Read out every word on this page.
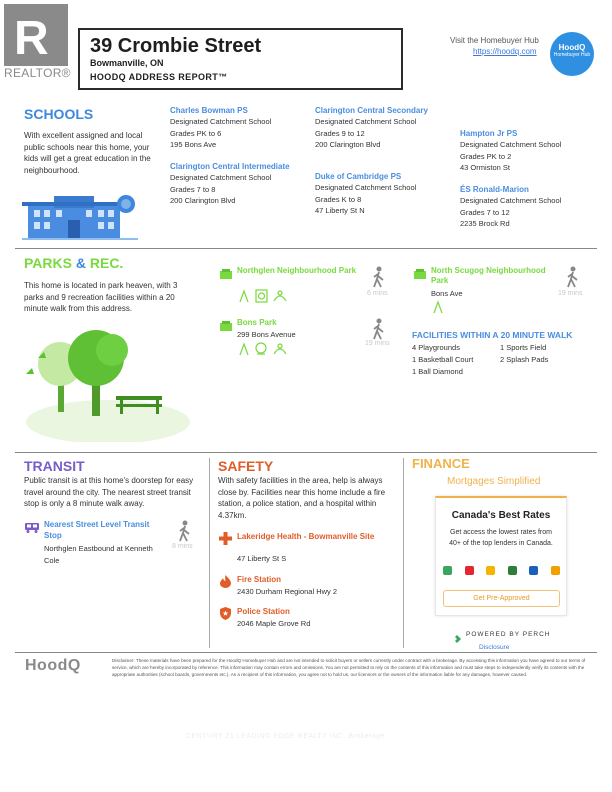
R
REALTOR®
39 Crombie Street
Bowmanville, ON
HOODQ ADDRESS REPORT™
Visit the Homebuyer Hub
https://hoodq.com	HoodQ
Homebuyer Hub
SCHOOLS
With excellent assigned and local public schools near this home, your kids will get a great education in the neighbourhood.
Charles Bowman PS
Designated Catchment School
Grades PK to 6
195 Bons Ave
Clarington Central Intermediate
Designated Catchment School
Grades 7 to 8
200 Clarington Blvd
Clarington Central Secondary
Designated Catchment School
Grades 9 to 12
200 Clarington Blvd
Duke of Cambridge PS
Designated Catchment School
Grades K to 8
47 Liberty St N
Hampton Jr PS
Designated Catchment School
Grades PK to 2
43 Ormiston St
ÉS Ronald-Marion
Designated Catchment School
Grades 7 to 12
2235 Brock Rd
PARKS & REC.
This home is located in park heaven, with 3 parks and 9 recreation facilities within a 20 minute walk from this address.
Northglen Neighbourhood Park
6 mins
Bons Park
299 Bons Avenue
19 mins
North Scugog Neighbourhood Park
Bons Ave	19 mins
FACILITIES WITHIN A 20 MINUTE WALK
4 Playgrounds	1 Sports Field
1 Basketball Court	2 Splash Pads
1 Ball Diamond
TRANSIT
Public transit is at this home's doorstep for easy travel around the city. The nearest street transit stop is only a 8 minute walk away.
Nearest Street Level Transit Stop
Northglen Eastbound at Kenneth Cole
8 mins
SAFETY
With safety facilities in the area, help is always close by. Facilities near this home include a fire station, a police station, and a hospital within 4.37km.
Lakeridge Health - Bowmanville Site
47 Liberty St S
Fire Station
2430 Durham Regional Hwy 2
Police Station
2046 Maple Grove Rd
FINANCE
Mortgages Simplified
Canada's Best Rates
Get access the lowest rates from 40+ of the top lenders in Canada.
Get Pre-Approved
POWERED BY PERCH
Disclosure
HoodQ	Disclaimer: These materials have been prepared for the HoodQ Homebuyer Hub and are not intended to solicit buyers or sellers currently under contract with a brokerage. By accessing this information you have agreed to our terms of service, which are hereby incorporated by reference. This information may contain errors and omissions. You are not permitted to rely on the contents of this information and must take steps to independently verify its contents with the appropriate authorities (school boards, governments etc.). As a recipient of this information, you agree not to hold us, our licensors or the owners of the information liable for any damages, however caused.
CENTURY 21 LEADING EDGE REALTY INC. Brokerage
